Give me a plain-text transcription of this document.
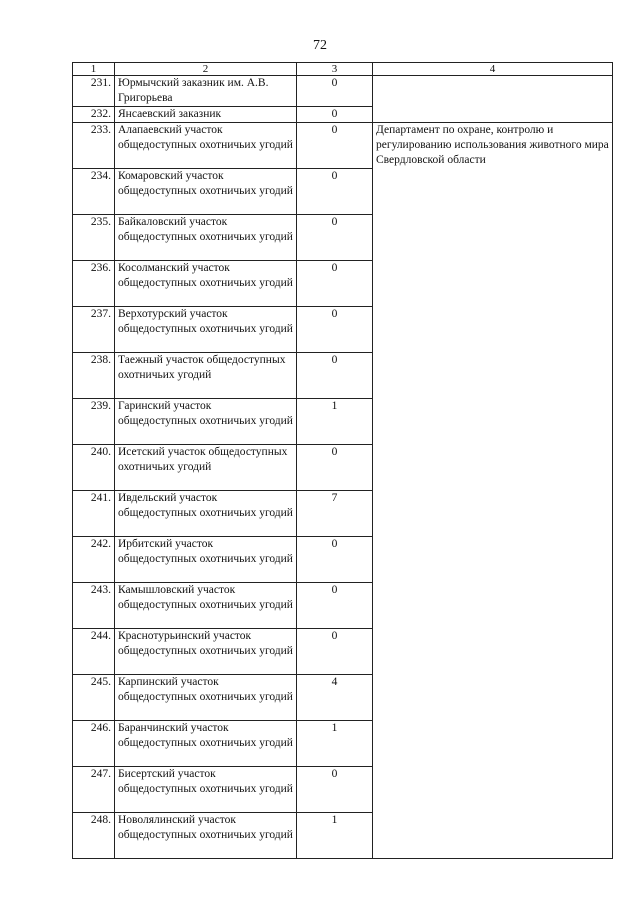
72
1	2	3	4
231.	Юрмычский заказник им. А.В. Григорьева	0	
232.	Янсаевский заказник	0	
233.	Алапаевский участок общедоступных охотничьих угодий	0	Департамент по охране, контролю и регулированию использования животного мира Свердловской области
234.	Комаровский участок общедоступных охотничьих угодий	0	
235.	Байкаловский участок общедоступных охотничьих угодий	0	
236.	Косолманский участок общедоступных охотничьих угодий	0	
237.	Верхотурский участок общедоступных охотничьих угодий	0	
238.	Таежный участок общедоступных охотничьих угодий	0	
239.	Гаринский участок общедоступных охотничьих угодий	1	
240.	Исетский участок общедоступных охотничьих угодий	0	
241.	Ивдельский участок общедоступных охотничьих угодий	7	
242.	Ирбитский участок общедоступных охотничьих угодий	0	
243.	Камышловский участок общедоступных охотничьих угодий	0	
244.	Краснотурьинский участок общедоступных охотничьих угодий	0	
245.	Карпинский участок общедоступных охотничьих угодий	4	
246.	Баранчинский участок общедоступных охотничьих угодий	1	
247.	Бисертский участок общедоступных охотничьих угодий	0	
248.	Новолялинский участок общедоступных охотничьих угодий	1	
